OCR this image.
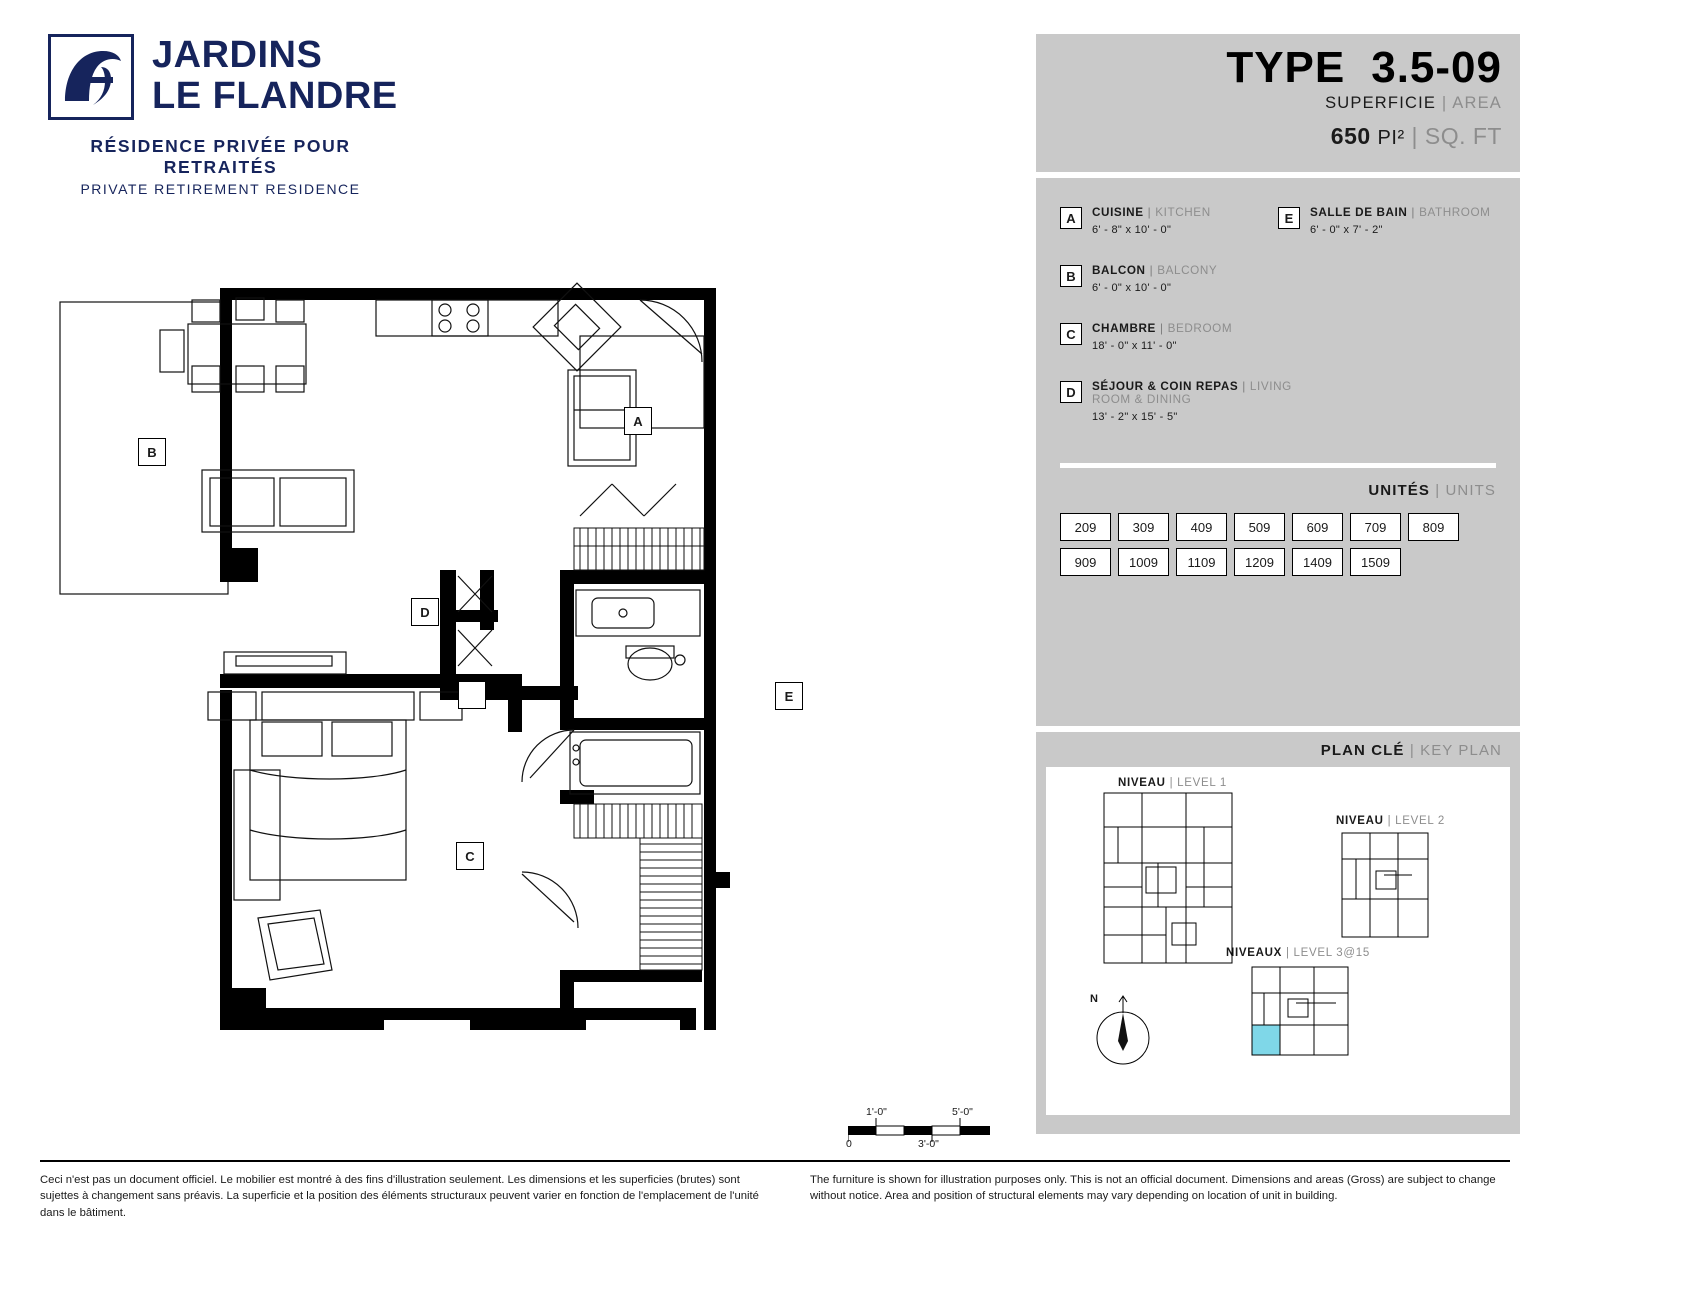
JARDINS
LE FLANDRE
RÉSIDENCE PRIVÉE POUR RETRAITÉS
PRIVATE RETIREMENT RESIDENCE
TYPE 3.5-09
SUPERFICIE | AREA
650 PI² | SQ. FT
A	CUISINE | KITCHEN
6' - 8" x 10' - 0"
B	BALCON | BALCONY
6' - 0" x 10' - 0"
C	CHAMBRE | BEDROOM
18' - 0" x 11' - 0"
D	SÉJOUR & COIN REPAS | LIVING ROOM & DINING
13' - 2" x 15' - 5"
E	SALLE DE BAIN | BATHROOM
6' - 0" x 7' - 2"
UNITÉS | UNITS
209	309	409	509	609	709	809
909	1009	1109	1209	1409	1509
PLAN CLÉ | KEY PLAN
NIVEAU | LEVEL 1
NIVEAU | LEVEL 2
NIVEAUX | LEVEL 3@15
N
B
A
D
E
C
1'-0"	5'-0"
0	3'-0"
Ceci n'est pas un document officiel. Le mobilier est montré à des fins d'illustration seulement. Les dimensions et les superficies (brutes) sont sujettes à changement sans préavis. La superficie et la position des éléments structuraux peuvent varier en fonction de l'emplacement de l'unité dans le bâtiment.
The furniture is shown for illustration purposes only. This is not an official document. Dimensions and areas (Gross) are subject to change without notice. Area and position of structural elements may vary depending on location of unit in building.
